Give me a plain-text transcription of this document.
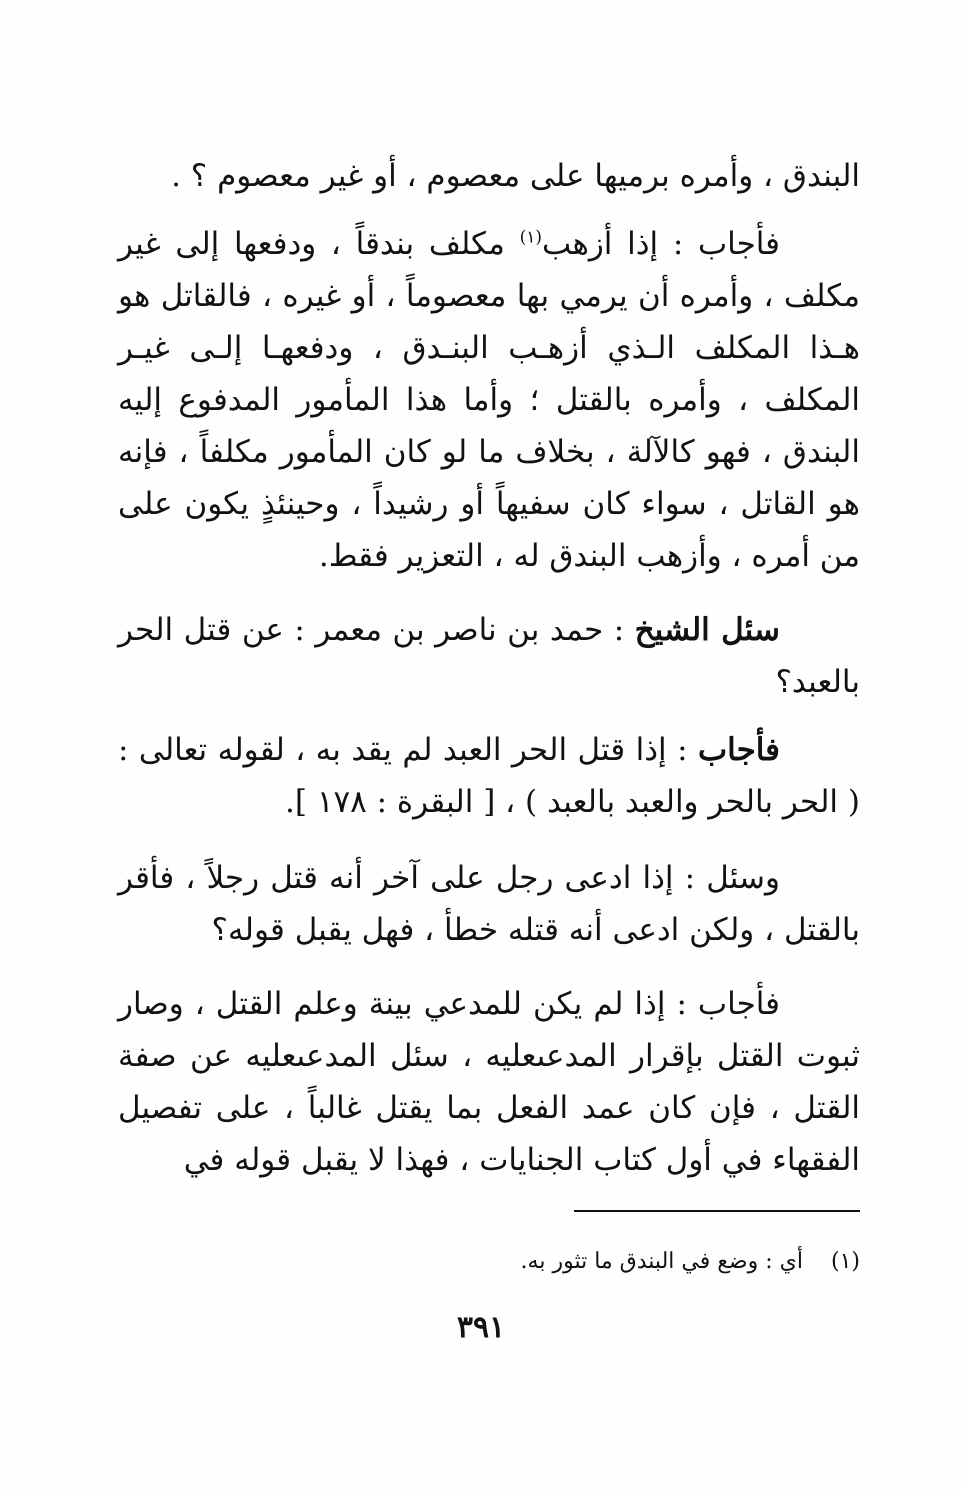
البندق ، وأمره برميها على معصوم ، أو غير معصوم ؟ .

فأجاب : إذا أزهب$^{(١)}$ مكلف بندقاً ، ودفعها إلى غير مكلف ، وأمره أن يرمي بها معصوماً ، أو غيره ، فالقاتل هو هـذا المكلف الـذي أزهـب البنـدق ، ودفعهـا إلـى غيـر المكلف ، وأمره بالقتل ؛ وأما هذا المأمور المدفوع إليه البندق ، فهو كالآلة ، بخلاف ما لو كان المأمور مكلفاً ، فإنه هو القاتل ، سواء كان سفيهاً أو رشيداً ، وحينئذٍ يكون على من أمره ، وأزهب البندق له ، التعزير فقط.

سئل الشيخ : حمد بن ناصر بن معمر : عن قتل الحر بالعبد؟

فأجاب : إذا قتل الحر العبد لم يقد به ، لقوله تعالى : ( الحر بالحر والعبد بالعبد ) ، [ البقرة : ١٧٨ ].

وسئل : إذا ادعى رجل على آخر أنه قتل رجلاً ، فأقر بالقتل ، ولكن ادعى أنه قتله خطأ ، فهل يقبل قوله؟

فأجاب : إذا لم يكن للمدعي بينة وعلم القتل ، وصار ثبوت القتل بإقرار المدعىعليه ، سئل المدعىعليه عن صفة القتل ، فإن كان عمد الفعل بما يقتل غالباً ، على تفصيل الفقهاء في أول كتاب الجنايات ، فهذا لا يقبل قوله في

(١)    أي : وضع في البندق ما تثور به.
٣٩١
